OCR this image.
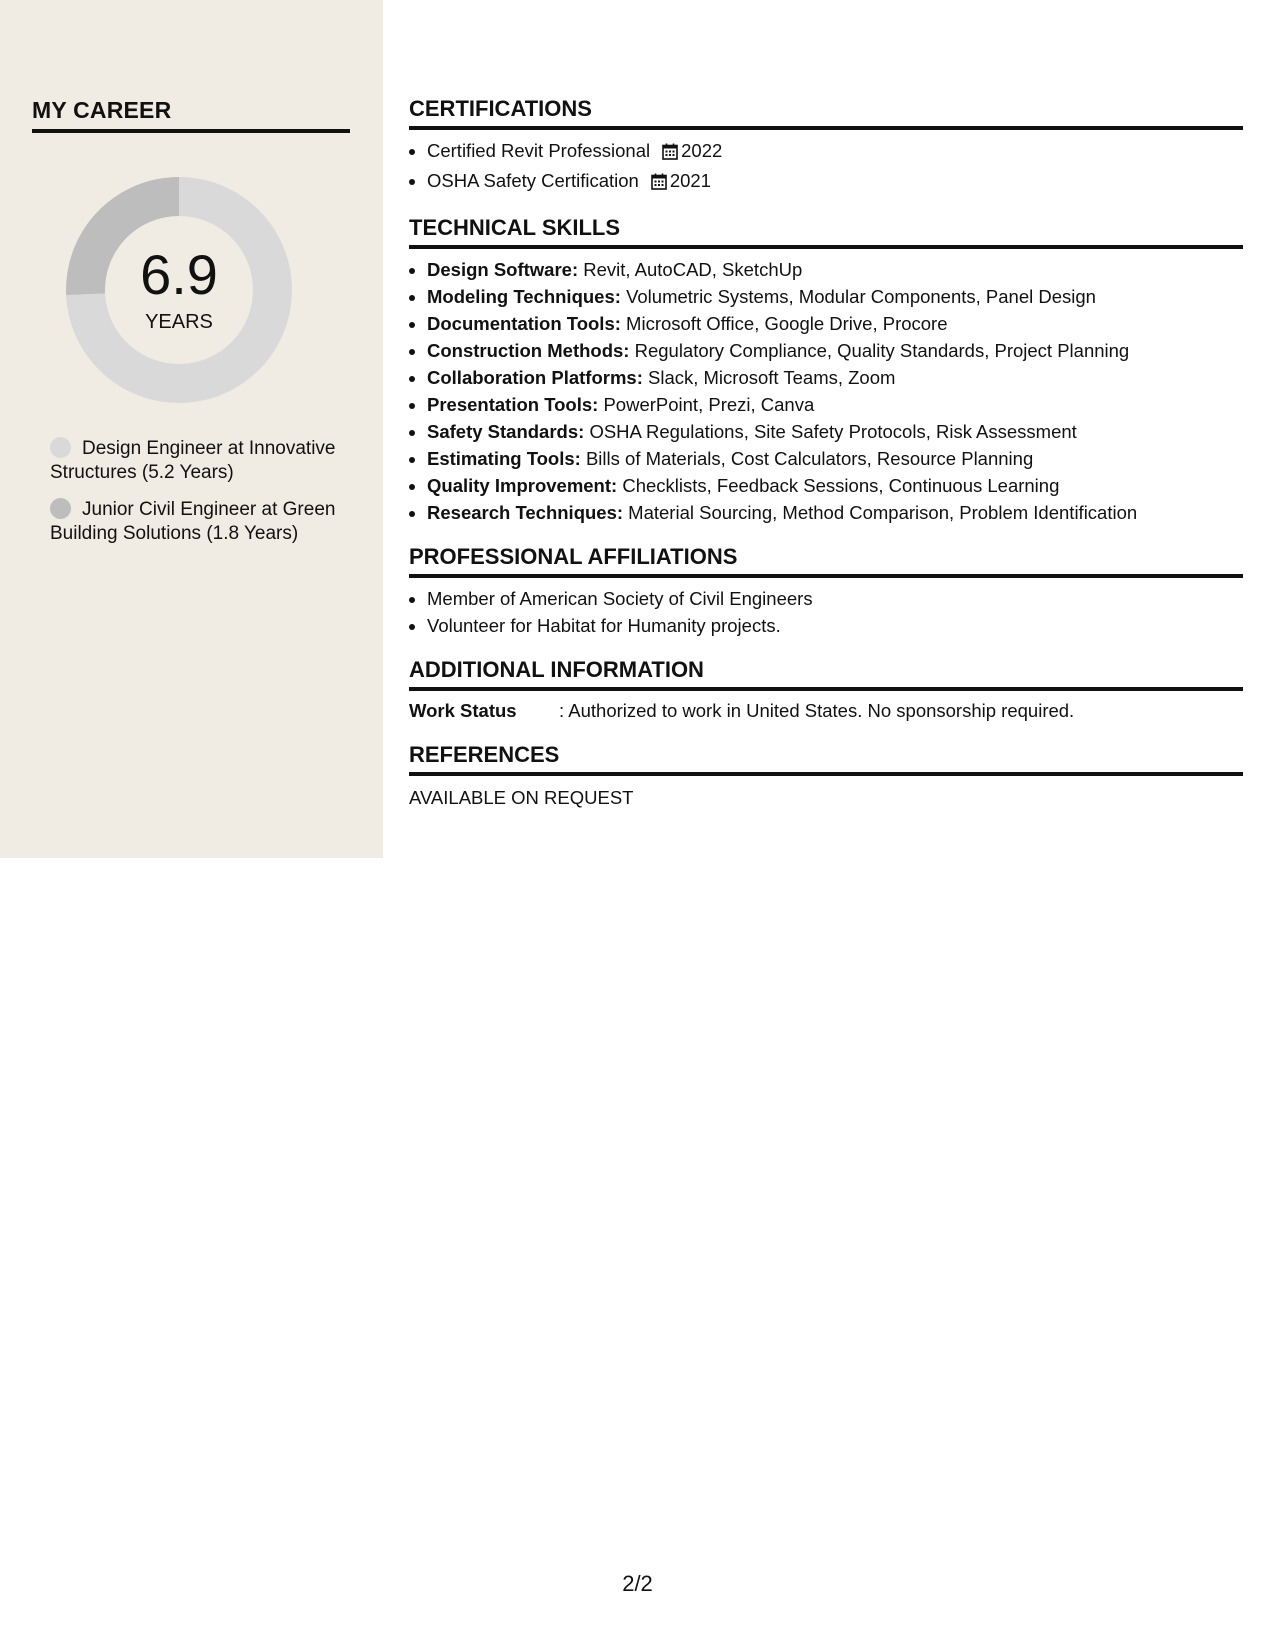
MY CAREER
6.9
YEARS
Design Engineer at Innovative Structures (5.2 Years)
Junior Civil Engineer at Green Building Solutions (1.8 Years)
CERTIFICATIONS
• Certified Revit Professional 2022
• OSHA Safety Certification 2021
TECHNICAL SKILLS
• Design Software: Revit, AutoCAD, SketchUp
• Modeling Techniques: Volumetric Systems, Modular Components, Panel Design
• Documentation Tools: Microsoft Office, Google Drive, Procore
• Construction Methods: Regulatory Compliance, Quality Standards, Project Planning
• Collaboration Platforms: Slack, Microsoft Teams, Zoom
• Presentation Tools: PowerPoint, Prezi, Canva
• Safety Standards: OSHA Regulations, Site Safety Protocols, Risk Assessment
• Estimating Tools: Bills of Materials, Cost Calculators, Resource Planning
• Quality Improvement: Checklists, Feedback Sessions, Continuous Learning
• Research Techniques: Material Sourcing, Method Comparison, Problem Identification
PROFESSIONAL AFFILIATIONS
• Member of American Society of Civil Engineers
• Volunteer for Habitat for Humanity projects.
ADDITIONAL INFORMATION
Work Status	: Authorized to work in United States. No sponsorship required.
REFERENCES
AVAILABLE ON REQUEST
2/2
